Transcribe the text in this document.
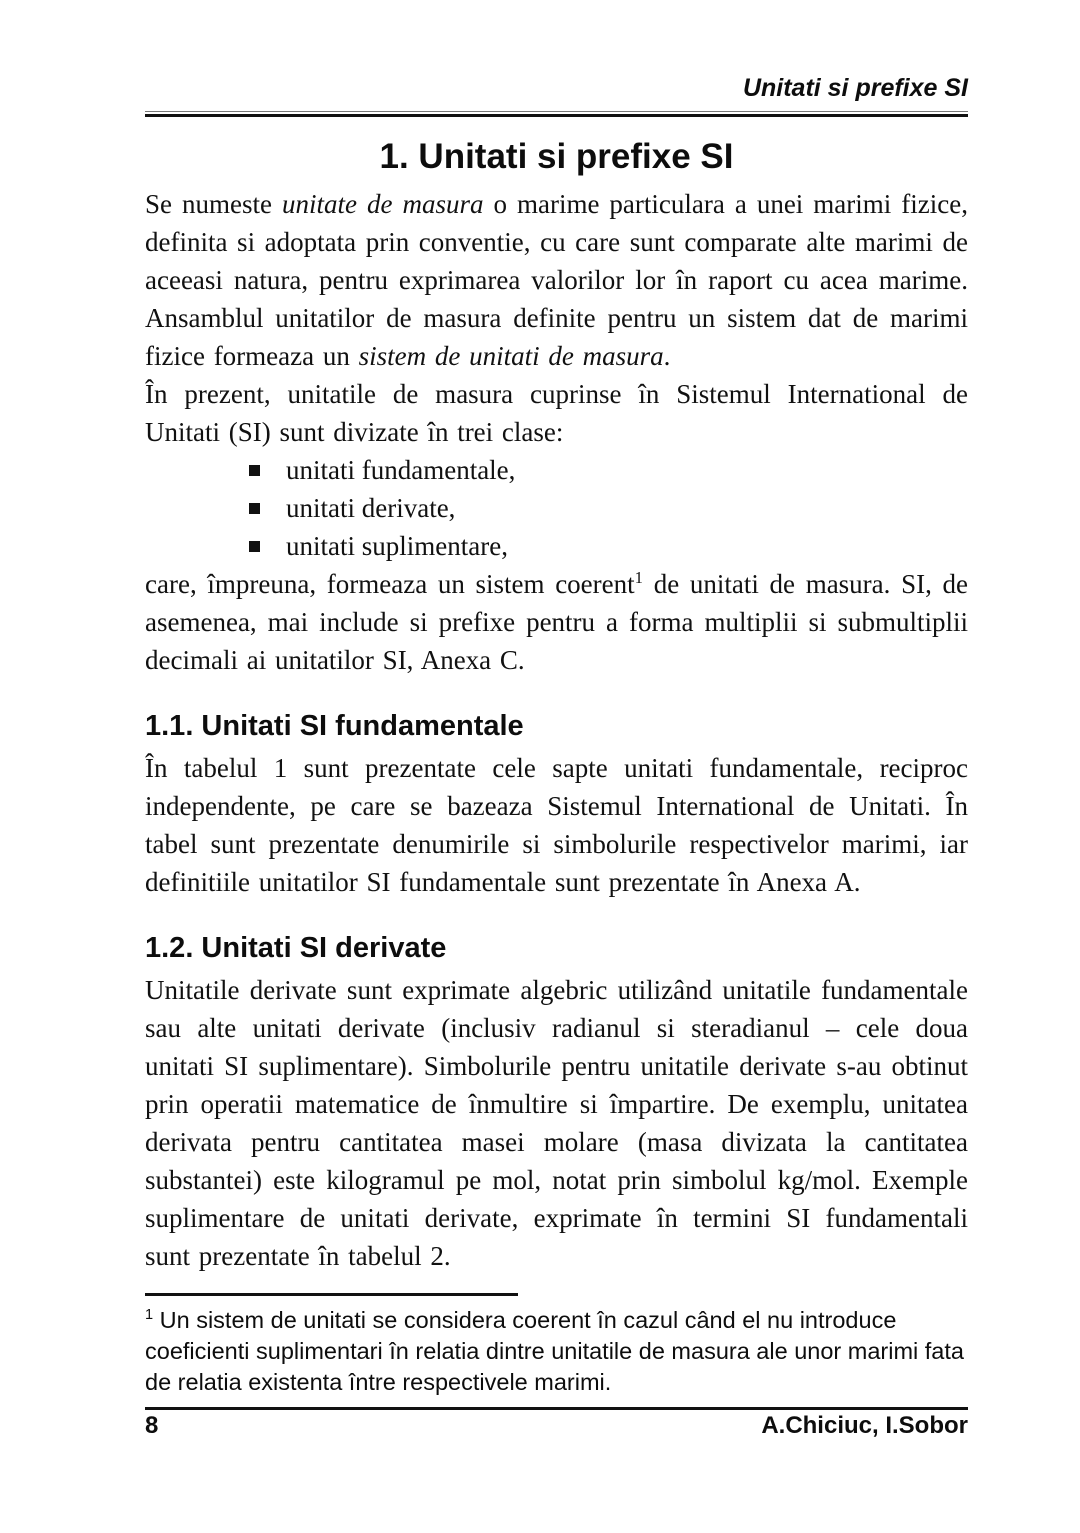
Unitati si prefixe SI
1. Unitati si prefixe SI

Se numeste unitate de masura o marime particulara a unei marimi fizice, definita si adoptata prin conventie, cu care sunt comparate alte marimi de aceeasi natura, pentru exprimarea valorilor lor în raport cu acea marime. Ansamblul unitatilor de masura definite pentru un sistem dat de marimi fizice formeaza un sistem de unitati de masura.

În prezent, unitatile de masura cuprinse în Sistemul International de Unitati (SI) sunt divizate în trei clase:

unitati fundamentale,
unitati derivate,
unitati suplimentare,

care, împreuna, formeaza un sistem coerent$^1$ de unitati de masura. SI, de asemenea, mai include si prefixe pentru a forma multiplii si submultiplii decimali ai unitatilor SI, Anexa C.

1.1. Unitati SI fundamentale

În tabelul 1 sunt prezentate cele sapte unitati fundamentale, reciproc independente, pe care se bazeaza Sistemul International de Unitati. În tabel sunt prezentate denumirile si simbolurile respectivelor marimi, iar definitiile unitatilor SI fundamentale sunt prezentate în Anexa A.

1.2. Unitati SI derivate

Unitatile derivate sunt exprimate algebric utilizând unitatile fundamentale sau alte unitati derivate (inclusiv radianul si steradianul – cele doua unitati SI suplimentare). Simbolurile pentru unitatile derivate s-au obtinut prin operatii matematice de înmultire si împartire. De exemplu, unitatea derivata pentru cantitatea masei molare (masa divizata la cantitatea substantei) este kilogramul pe mol, notat prin simbolul kg/mol. Exemple suplimentare de unitati derivate, exprimate în termini SI fundamentali sunt prezentate în tabelul 2.

$^1$ Un sistem de unitati se considera coerent în cazul când el nu introduce coeficienti suplimentari în relatia dintre unitatile de masura ale unor marimi fata de relatia existenta între respectivele marimi.

8	A.Chiciuc, I.Sobor
